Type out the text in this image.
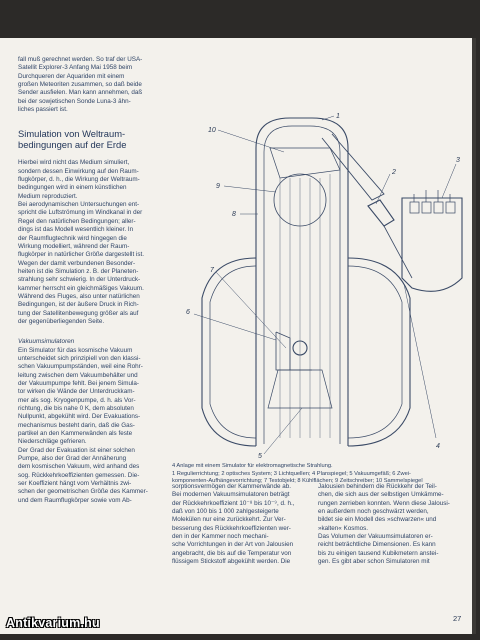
fall muß gerechnet werden. So traf der USA-

Satellit Explorer-3 Anfang Mai 1958 beim

Durchqueren der Aquariden mit einem

großen Meteoriten zusammen, so daß beide

Sender ausfielen. Man kann annehmen, daß

bei der sowjetischen Sonde Luna-3 ähn-

liches passiert ist.

Simulation von Weltraum-

bedingungen auf der Erde

Hierbei wird nicht das Medium simuliert,

sondern dessen Einwirkung auf den Raum-

flugkörper, d. h., die Wirkung der Weltraum-

bedingungen wird in einem künstlichen

Medium reproduziert.

Bei aerodynamischen Untersuchungen ent-

spricht die Luftströmung im Windkanal in der

Regel den natürlichen Bedingungen; aller-

dings ist das Modell wesentlich kleiner. In

der Raumflugtechnik wird hingegen die

Wirkung modelliert, während der Raum-

flugkörper in natürlicher Größe dargestellt ist.

Wegen der damit verbundenen Besonder-

heiten ist die Simulation z. B. der Planeten-

strahlung sehr schwierig. In der Unterdruck-

kammer herrscht ein gleichmäßiges Vakuum.

Während des Fluges, also unter natürlichen

Bedingungen, ist der äußere Druck in Rich-

tung der Satellitenbewegung größer als auf

der gegenüberliegenden Seite.

Vakuumsimulatoren

Ein Simulator für das kosmische Vakuum

unterscheidet sich prinzipiell von den klassi-

schen Vakuumpumpständen, weil eine Rohr-

leitung zwischen dem Vakuumbehälter und

der Vakuumpumpe fehlt. Bei jenem Simula-

tor wirken die Wände der Unterdruckkam-

mer als sog. Kryogenpumpe, d. h. als Vor-

richtung, die bis nahe 0 K, dem absoluten

Nullpunkt, abgekühlt wird. Der Evakuations-

mechanismus besteht darin, daß die Gas-

partikel an den Kammerwänden als feste

Niederschläge gefrieren.

Der Grad der Evakuation ist einer solchen

Pumpe, also der Grad der Annäherung

dem kosmischen Vakuum, wird anhand des

sog. Rückkehrkoeffizienten gemessen. Die-

ser Koeffizient hängt vom Verhältnis zwi-

schen der geometrischen Größe des Kammer-

und dem Raumflugkörper sowie vom Ab-

1
2
3
4
5
6
7
8
9
10

4 Anlage mit einem Simulator für elektromagnetische Strahlung.

1 Regulierrichtung; 2 optisches System; 3 Lichtquellen; 4 Planspiegel; 5 Vakuumgefäß; 6 Zwei-

komponenten-Aufhängevorrichtung; 7 Testobjekt; 8 Kühlflächen; 9 Zeitschreiber; 10 Sammelspiegel

sorptionsvermögen der Kammerwände ab.

Bei modernen Vakuumsimulatoren beträgt

der Rückkehrkoeffizient 10⁻⁸ bis 10⁻⁹, d. h.,

daß von 100 bis 1 000 zahlgesteigerte

Molekülen nur eine zurückkehrt. Zur Ver-

besserung des Rückkehrkoeffizienten wer-

den in der Kammer noch mechani-

sche Vorrichtungen in der Art von Jalousien

angebracht, die bis auf die Temperatur von

flüssigem Stickstoff abgekühlt werden. Die

Jalousien behindern die Rückkehr der Teil-

chen, die sich aus der selbstigen Umkämme-

rungen zerrieben konnten. Wenn diese Jalousi-

en außerdem noch geschwärzt werden,

bildet sie ein Modell des »schwarzen« und

»kalten« Kosmos.

Das Volumen der Vakuumsimulatoren er-

reicht beträchtliche Dimensionen. Es kann

bis zu einigen tausend Kubikmetern anstei-

gen. Es gibt aber schon Simulatoren mit

27
Antikvarium.hu
